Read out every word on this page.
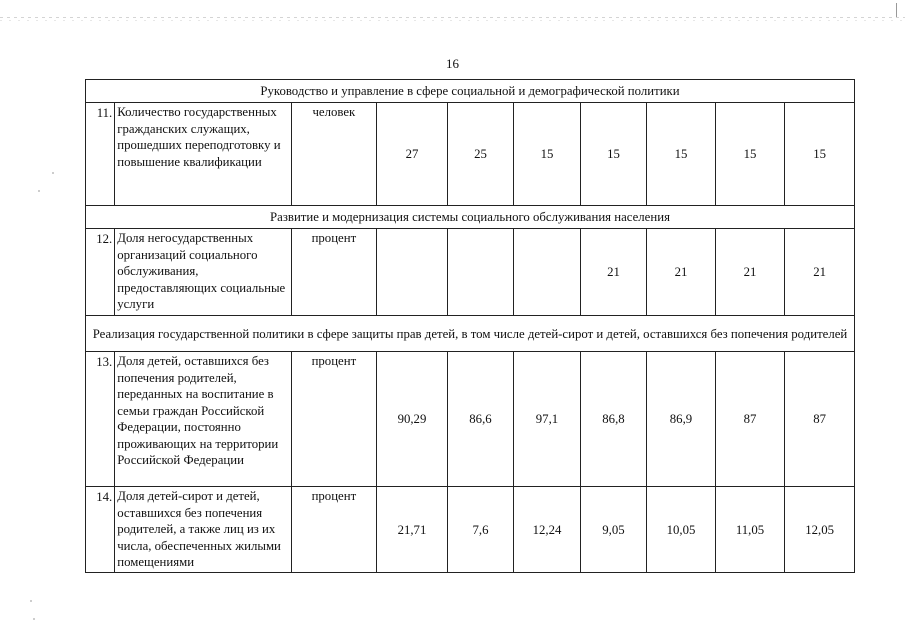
16
Руководство и управление в сфере социальной и демографической политики									
11.	Количество государственных гражданских служащих, прошедших переподготовку и повышение квалификации	человек	27	25	15	15	15	15	15
Развитие и модернизация системы социального обслуживания населения									
12.	Доля негосударственных организаций социального обслуживания, предоставляющих социальные услуги	процент				21	21	21	21
Реализация государственной политики в сфере защиты прав детей, в том числе детей-сирот и детей, оставшихся без попечения родителей									
13.	Доля детей, оставшихся без попечения родителей, переданных на воспитание в семьи граждан Российской Федерации, постоянно проживающих на территории Российской Федерации	процент	90,29	86,6	97,1	86,8	86,9	87	87
14.	Доля детей-сирот и детей, оставшихся без попечения родителей, а также лиц из их числа, обеспеченных жилыми помещениями	процент	21,71	7,6	12,24	9,05	10,05	11,05	12,05
